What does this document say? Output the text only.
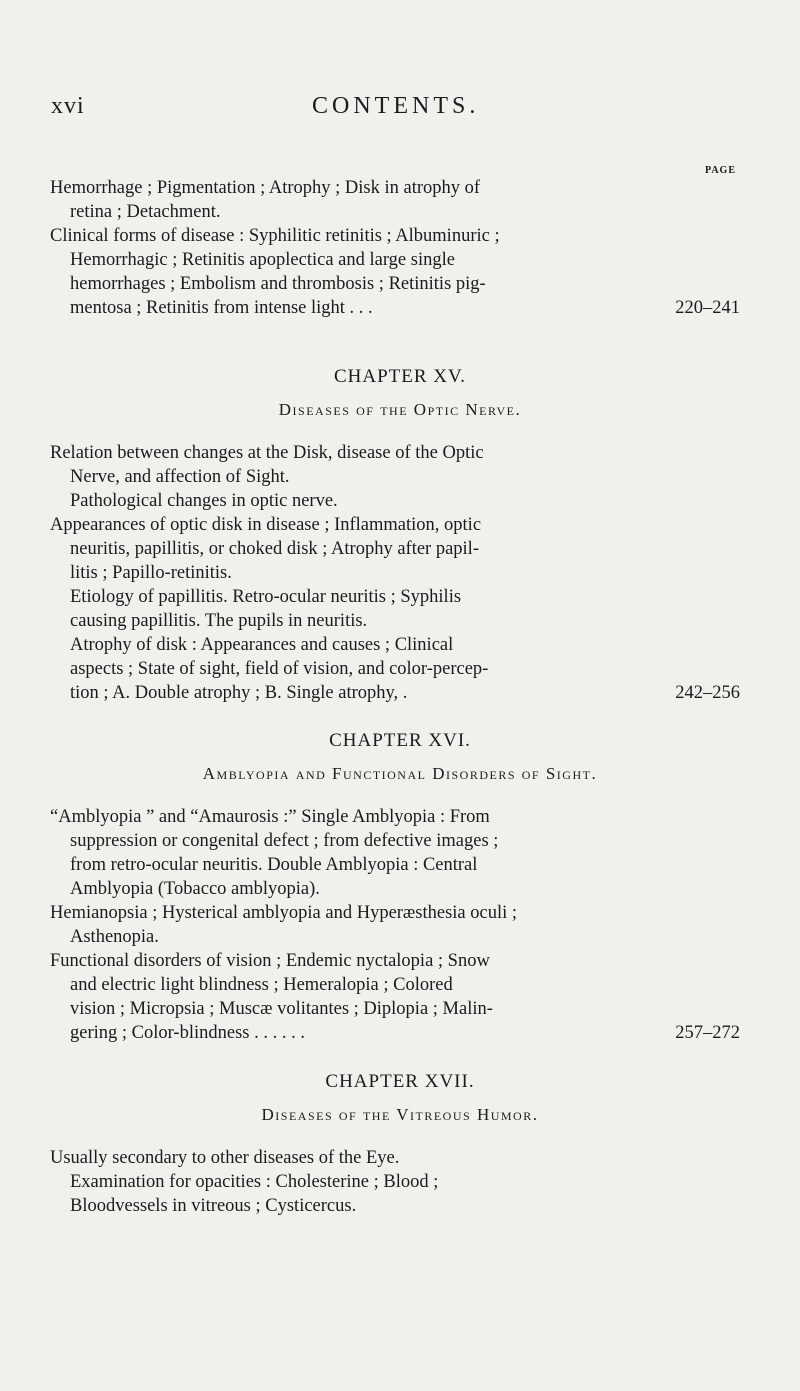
xvi	CONTENTS.
PAGE
Hemorrhage ; Pigmentation ; Atrophy ; Disk in atrophy of
retina ; Detachment.
Clinical forms of disease : Syphilitic retinitis ; Albuminuric ;
Hemorrhagic ; Retinitis apoplectica and large single
hemorrhages ; Embolism and thrombosis ; Retinitis pig-
mentosa ; Retinitis from intense light . . .	220–241
CHAPTER XV.
Diseases of the Optic Nerve.
Relation between changes at the Disk, disease of the Optic
Nerve, and affection of Sight.
Pathological changes in optic nerve.
Appearances of optic disk in disease ; Inflammation, optic
neuritis, papillitis, or choked disk ; Atrophy after papil-
litis ; Papillo-retinitis.
Etiology of papillitis. Retro-ocular neuritis ; Syphilis
causing papillitis. The pupils in neuritis.
Atrophy of disk : Appearances and causes ; Clinical
aspects ; State of sight, field of vision, and color-percep-
tion ; A. Double atrophy ; B. Single atrophy, .	242–256
CHAPTER XVI.
Amblyopia and Functional Disorders of Sight.
“Amblyopia ” and “Amaurosis :” Single Amblyopia : From
suppression or congenital defect ; from defective images ;
from retro-ocular neuritis. Double Amblyopia : Central
Amblyopia (Tobacco amblyopia).
Hemianopsia ; Hysterical amblyopia and Hyperæsthesia oculi ;
Asthenopia.
Functional disorders of vision ; Endemic nyctalopia ; Snow
and electric light blindness ; Hemeralopia ; Colored
vision ; Micropsia ; Muscæ volitantes ; Diplopia ; Malin-
gering ; Color-blindness . . . . . .	257–272
CHAPTER XVII.
Diseases of the Vitreous Humor.
Usually secondary to other diseases of the Eye.
Examination for opacities : Cholesterine ; Blood ;
Bloodvessels in vitreous ; Cysticercus.
